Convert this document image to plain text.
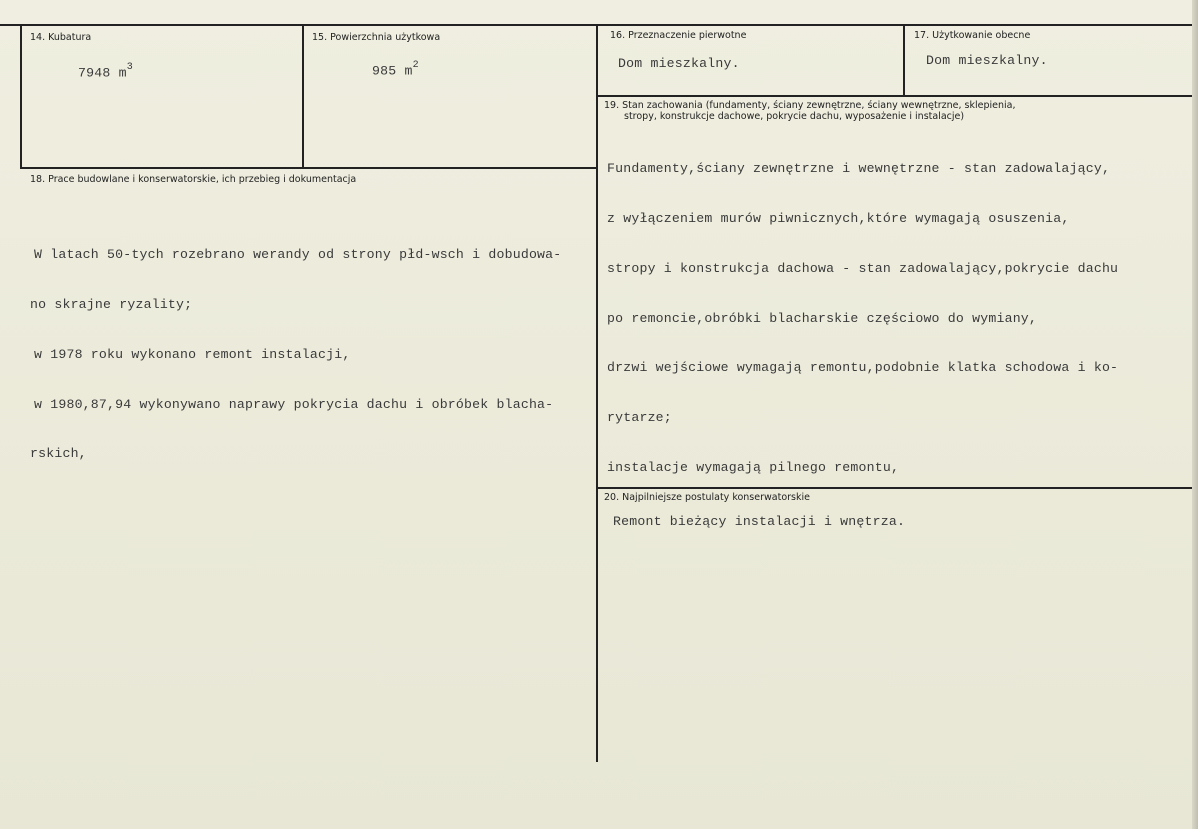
14. Kubatura
7948 $m^3$
15. Powierzchnia użytkowa
985 $m^2$
16. Przeznaczenie pierwotne
Dom mieszkalny.
17. Użytkowanie obecne
Dom mieszkalny.
18. Prace budowlane i konserwatorskie, ich przebieg i dokumentacja

W latach 50-tych rozebrano werandy od strony płd-wsch i dobudowa-

no skrajne ryzality;

w 1978 roku wykonano remont instalacji,

w 1980,87,94 wykonywano naprawy pokrycia dachu i obróbek blacha-

rskich,

19. Stan zachowania (fundamenty, ściany zewnętrzne, ściany wewnętrzne, sklepienia,
stropy, konstrukcje dachowe, pokrycie dachu, wyposażenie i instalacje)

Fundamenty,ściany zewnętrzne i wewnętrzne - stan zadowalający,

z wyłączeniem murów piwnicznych,które wymagają osuszenia,

stropy i konstrukcja dachowa - stan zadowalający,pokrycie dachu

po remoncie,obróbki blacharskie częściowo do wymiany,

drzwi wejściowe wymagają remontu,podobnie klatka schodowa i ko-

rytarze;

instalacje wymagają pilnego remontu,

20. Najpilniejsze postulaty konserwatorskie
Remont bieżący instalacji i wnętrza.
